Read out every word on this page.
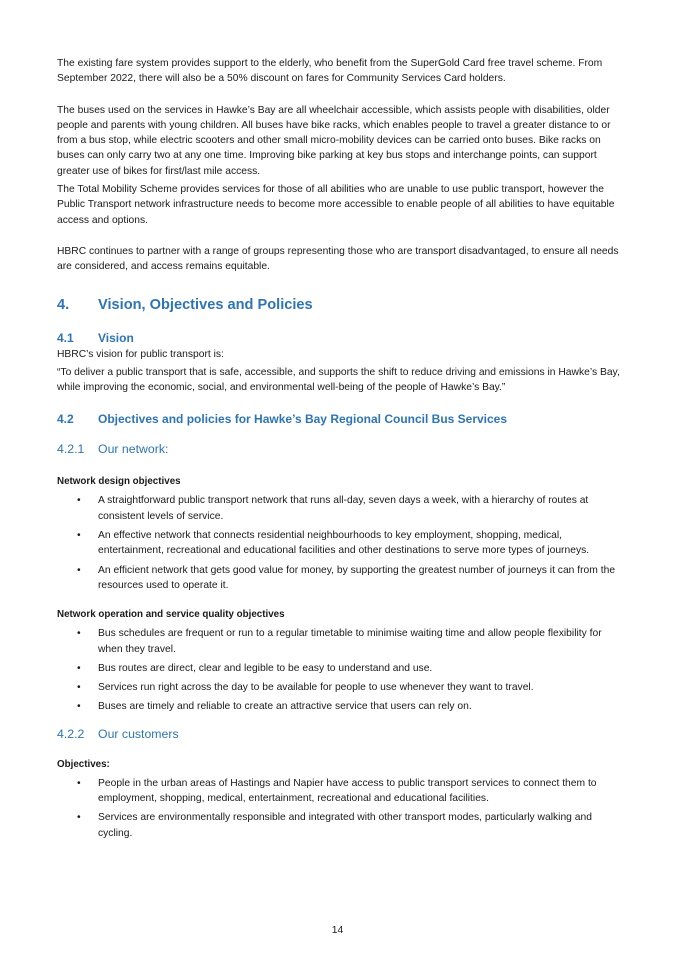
The existing fare system provides support to the elderly, who benefit from the SuperGold Card free travel scheme. From September 2022, there will also be a 50% discount on fares for Community Services Card holders.

The buses used on the services in Hawke’s Bay are all wheelchair accessible, which assists people with disabilities, older people and parents with young children. All buses have bike racks, which enables people to travel a greater distance to or from a bus stop, while electric scooters and other small micro-mobility devices can be carried onto buses. Bike racks on buses can only carry two at any one time. Improving bike parking at key bus stops and interchange points, can support greater use of bikes for first/last mile access.

The Total Mobility Scheme provides services for those of all abilities who are unable to use public transport, however the Public Transport network infrastructure needs to become more accessible to enable people of all abilities to have equitable access and options.

HBRC continues to partner with a range of groups representing those who are transport disadvantaged, to ensure all needs are considered, and access remains equitable.

4.	Vision, Objectives and Policies
4.1	Vision

HBRC’s vision for public transport is:

“To deliver a public transport that is safe, accessible, and supports the shift to reduce driving and emissions in Hawke’s Bay, while improving the economic, social, and environmental well-being of the people of Hawke’s Bay.”

4.2	Objectives and policies for Hawke’s Bay Regional Council Bus Services
4.2.1	Our network:
Network design objectives
• A straightforward public transport network that runs all-day, seven days a week, with a hierarchy of routes at consistent levels of service.
• An effective network that connects residential neighbourhoods to key employment, shopping, medical, entertainment, recreational and educational facilities and other destinations to serve more types of journeys.
• An efficient network that gets good value for money, by supporting the greatest number of journeys it can from the resources used to operate it.
Network operation and service quality objectives
• Bus schedules are frequent or run to a regular timetable to minimise waiting time and allow people flexibility for when they travel.
• Bus routes are direct, clear and legible to be easy to understand and use.
• Services run right across the day to be available for people to use whenever they want to travel.
• Buses are timely and reliable to create an attractive service that users can rely on.
4.2.2	Our customers
Objectives:
• People in the urban areas of Hastings and Napier have access to public transport services to connect them to employment, shopping, medical, entertainment, recreational and educational facilities.
• Services are environmentally responsible and integrated with other transport modes, particularly walking and cycling.
14
